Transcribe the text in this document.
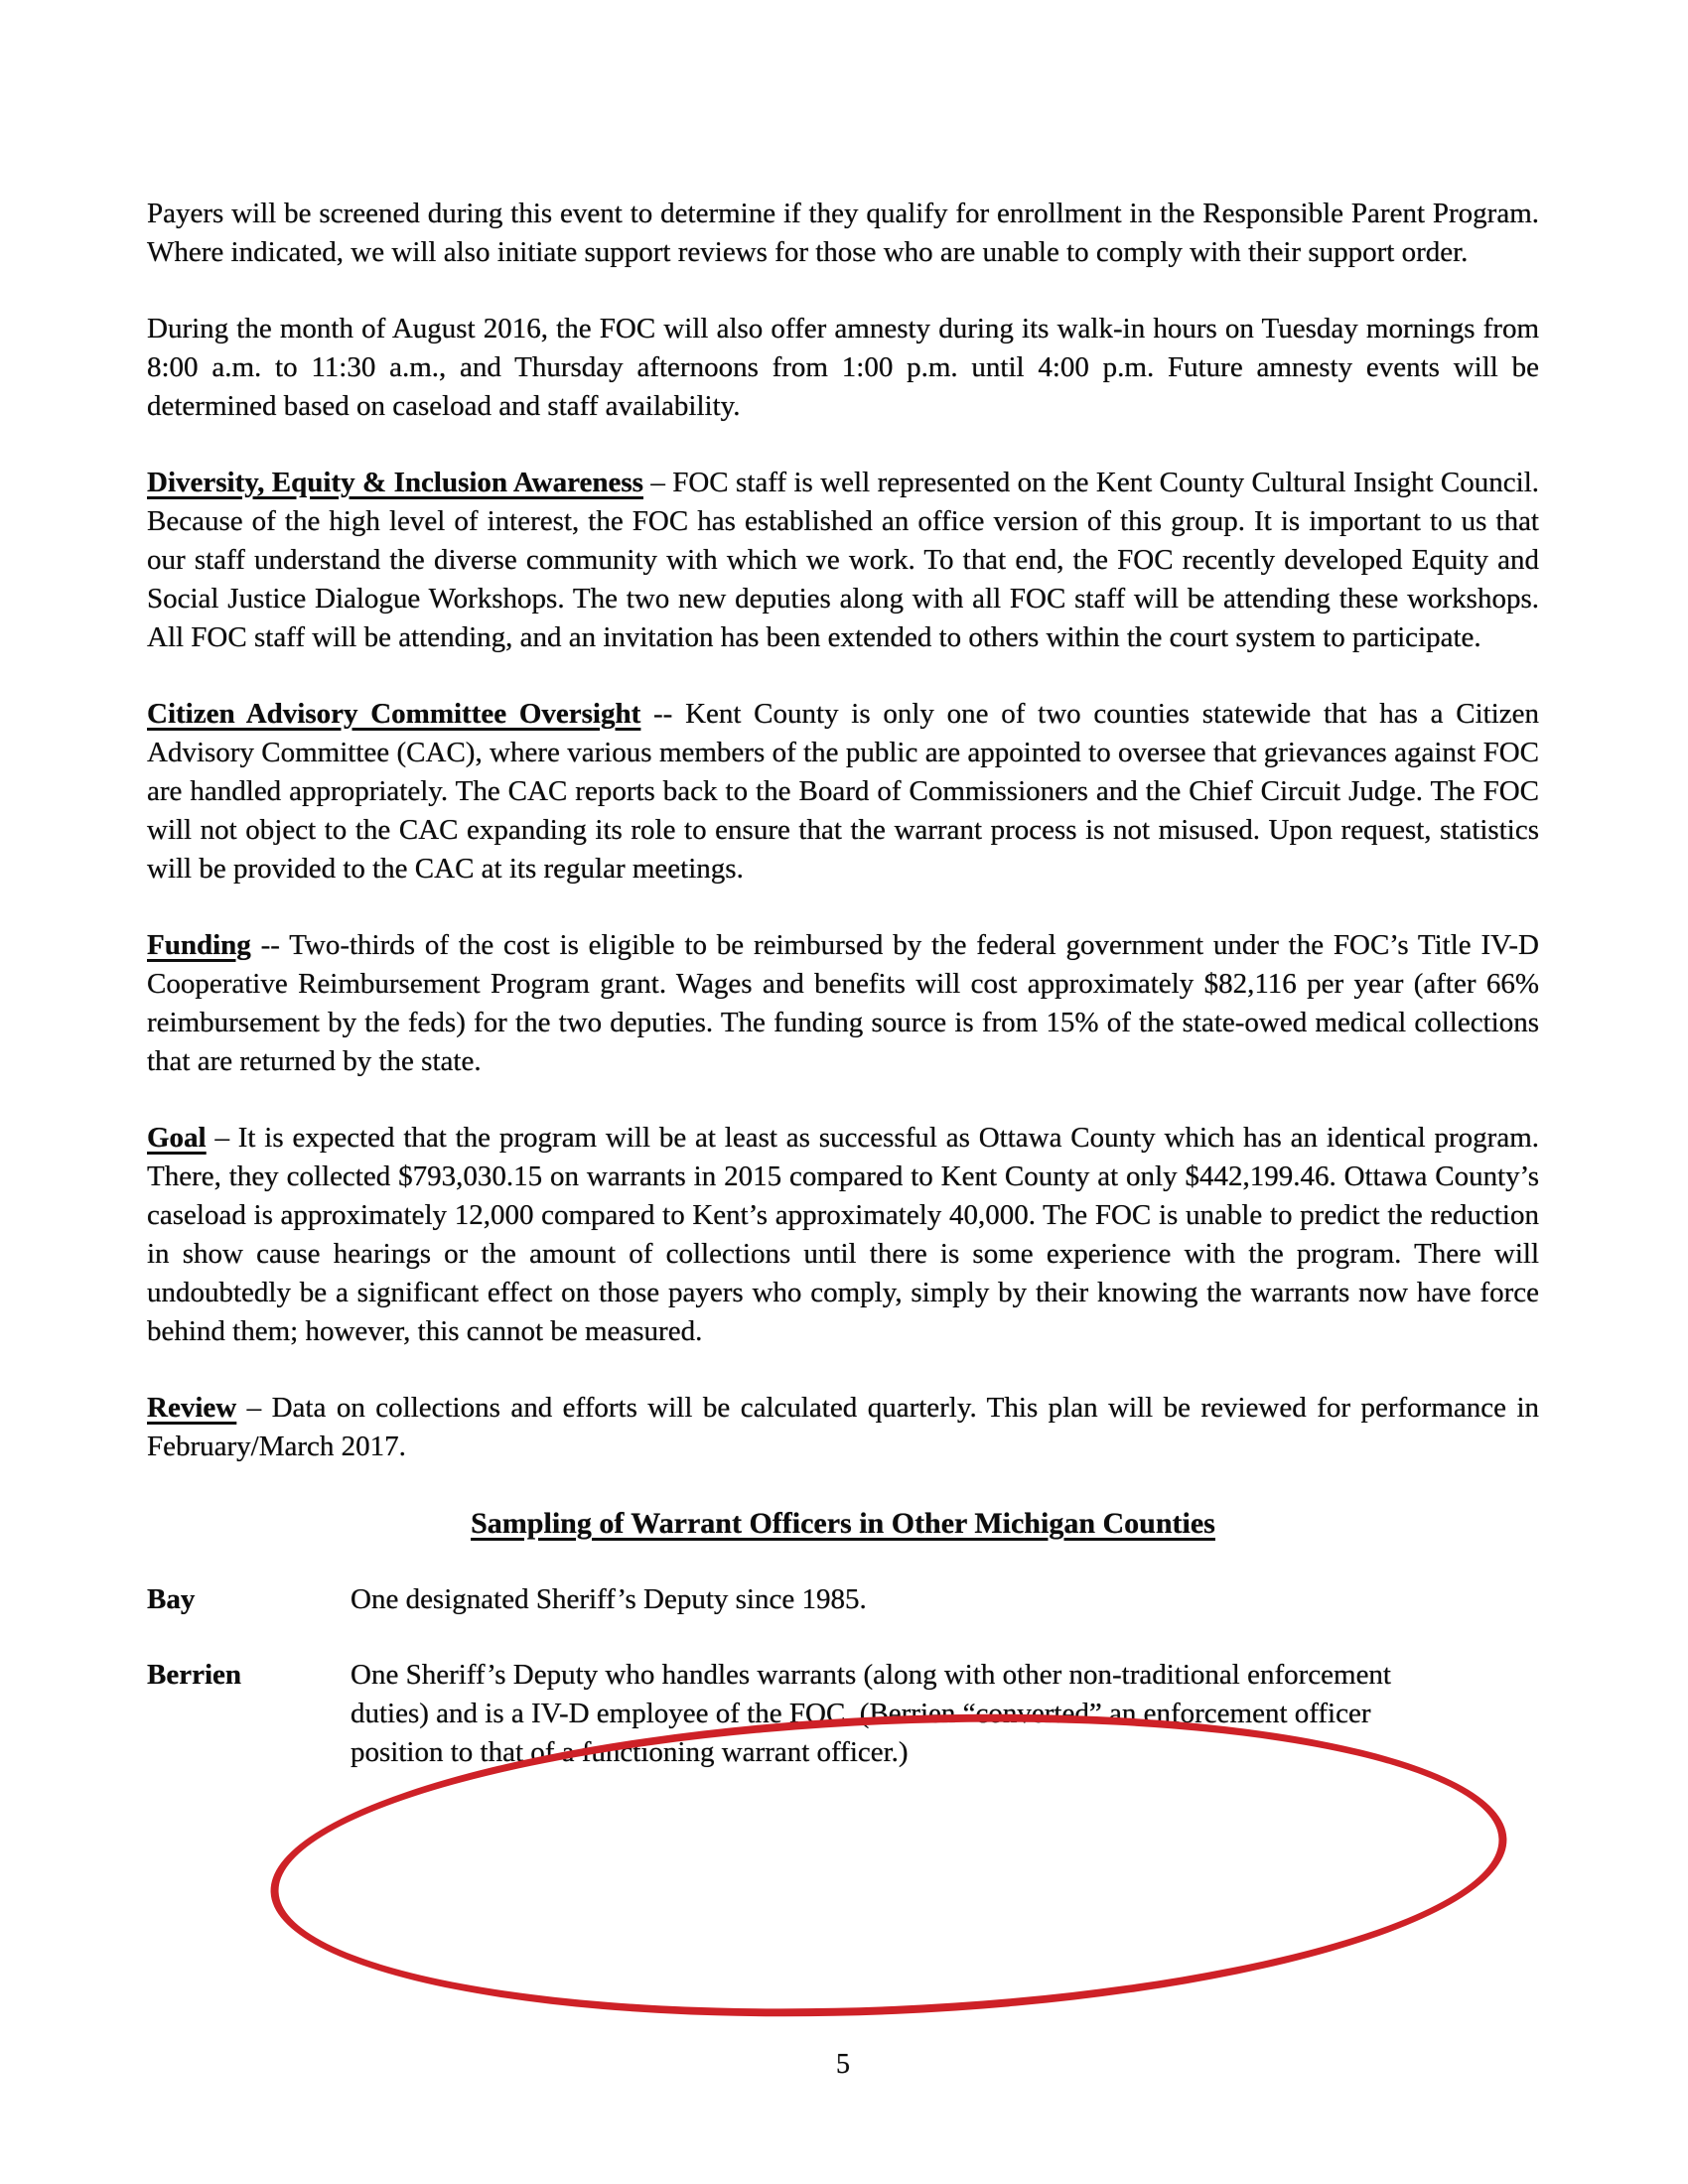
Payers will be screened during this event to determine if they qualify for enrollment in the Responsible Parent Program. Where indicated, we will also initiate support reviews for those who are unable to comply with their support order.

During the month of August 2016, the FOC will also offer amnesty during its walk-in hours on Tuesday mornings from 8:00 a.m. to 11:30 a.m., and Thursday afternoons from 1:00 p.m. until 4:00 p.m. Future amnesty events will be determined based on caseload and staff availability.

Diversity, Equity & Inclusion Awareness – FOC staff is well represented on the Kent County Cultural Insight Council. Because of the high level of interest, the FOC has established an office version of this group. It is important to us that our staff understand the diverse community with which we work. To that end, the FOC recently developed Equity and Social Justice Dialogue Workshops. The two new deputies along with all FOC staff will be attending these workshops. All FOC staff will be attending, and an invitation has been extended to others within the court system to participate.

Citizen Advisory Committee Oversight -- Kent County is only one of two counties statewide that has a Citizen Advisory Committee (CAC), where various members of the public are appointed to oversee that grievances against FOC are handled appropriately. The CAC reports back to the Board of Commissioners and the Chief Circuit Judge. The FOC will not object to the CAC expanding its role to ensure that the warrant process is not misused. Upon request, statistics will be provided to the CAC at its regular meetings.

Funding -- Two-thirds of the cost is eligible to be reimbursed by the federal government under the FOC’s Title IV-D Cooperative Reimbursement Program grant. Wages and benefits will cost approximately $82,116 per year (after 66% reimbursement by the feds) for the two deputies. The funding source is from 15% of the state-owed medical collections that are returned by the state.

Goal – It is expected that the program will be at least as successful as Ottawa County which has an identical program. There, they collected $793,030.15 on warrants in 2015 compared to Kent County at only $442,199.46. Ottawa County’s caseload is approximately 12,000 compared to Kent’s approximately 40,000. The FOC is unable to predict the reduction in show cause hearings or the amount of collections until there is some experience with the program. There will undoubtedly be a significant effect on those payers who comply, simply by their knowing the warrants now have force behind them; however, this cannot be measured.

Review – Data on collections and efforts will be calculated quarterly. This plan will be reviewed for performance in February/March 2017.

Sampling of Warrant Officers in Other Michigan Counties
Bay	One designated Sheriff’s Deputy since 1985.
Berrien	One Sheriff’s Deputy who handles warrants (along with other non-traditional enforcement duties) and is a IV-D employee of the FOC. (Berrien “converted” an enforcement officer position to that of a functioning warrant officer.)
5
